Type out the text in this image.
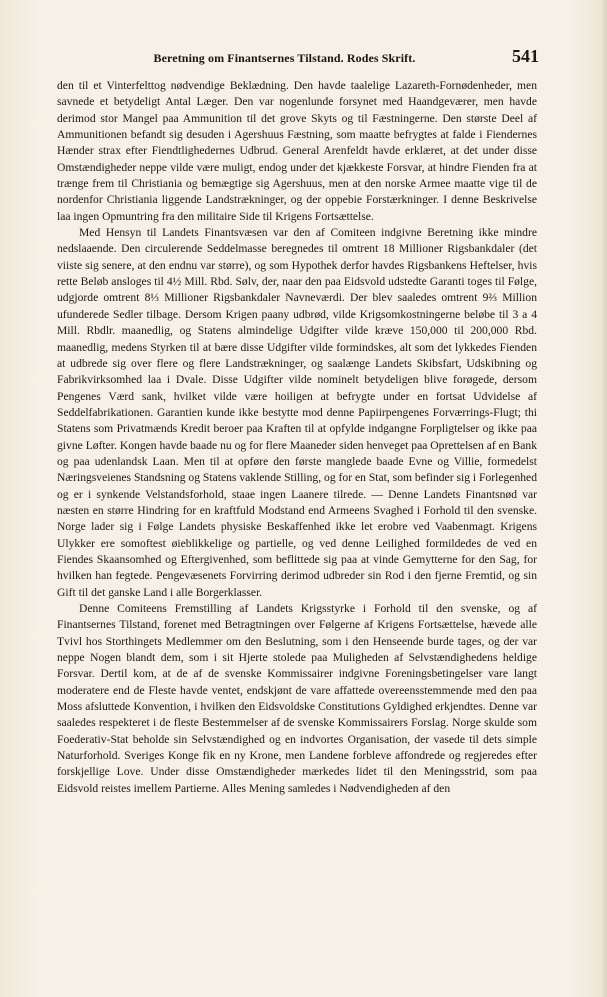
Beretning om Finantsernes Tilstand. Rodes Skrift.	541

den til et Vinterfelttog nødvendige Beklædning. Den havde taalelige Lazareth-Fornødenheder, men savnede et betydeligt Antal Læger. Den var nogenlunde forsynet med Haandgeværer, men havde derimod stor Mangel paa Ammunition til det grove Skyts og til Fæstningerne. Den største Deel af Ammunitionen befandt sig desuden i Agershuus Fæstning, som maatte befrygtes at falde i Fiendernes Hænder strax efter Fiendtlighedernes Udbrud. General Arenfeldt havde erklæret, at det under disse Omstændigheder neppe vilde være muligt, endog under det kjækkeste Forsvar, at hindre Fienden fra at trænge frem til Christiania og bemægtige sig Agershuus, men at den norske Armee maatte vige til de nordenfor Christiania liggende Landstrækninger, og der oppebie Forstærkninger. I denne Beskrivelse laa ingen Opmuntring fra den militaire Side til Krigens Fortsættelse.

Med Hensyn til Landets Finantsvæsen var den af Comiteen indgivne Beretning ikke mindre nedslaaende. Den circulerende Seddelmasse beregnedes til omtrent 18 Millioner Rigsbankdaler (det viiste sig senere, at den endnu var større), og som Hypothek derfor havdes Rigsbankens Heftelser, hvis rette Beløb ansloges til 4½ Mill. Rbd. Sølv, der, naar den paa Eidsvold udstedte Garanti toges til Følge, udgjorde omtrent 8⅓ Millioner Rigsbankdaler Navneværdi. Der blev saaledes omtrent 9⅔ Million ufunderede Sedler tilbage. Dersom Krigen paany udbrød, vilde Krigsomkostningerne beløbe til 3 a 4 Mill. Rbdlr. maanedlig, og Statens almindelige Udgifter vilde kræve 150,000 til 200,000 Rbd. maanedlig, medens Styrken til at bære disse Udgifter vilde formindskes, alt som det lykkedes Fienden at udbrede sig over flere og flere Landstrækninger, og saalænge Landets Skibsfart, Udskibning og Fabrikvirksomhed laa i Dvale. Disse Udgifter vilde nominelt betydeligen blive forøgede, dersom Pengenes Værd sank, hvilket vilde være hoiligen at befrygte under en fortsat Udvidelse af Seddelfabrikationen. Garantien kunde ikke bestytte mod denne Papiirpengenes Forværrings-Flugt; thi Statens som Privatmænds Kredit beroer paa Kraften til at opfylde indgangne Forpligtelser og ikke paa givne Løfter. Kongen havde baade nu og for flere Maaneder siden henveget paa Oprettelsen af en Bank og paa udenlandsk Laan. Men til at opføre den første manglede baade Evne og Villie, formedelst Næringsveienes Standsning og Statens vaklende Stilling, og for en Stat, som befinder sig i Forlegenhed og er i synkende Velstandsforhold, staae ingen Laanere tilrede. — Denne Landets Finantsnød var næsten en større Hindring for en kraftfuld Modstand end Armeens Svaghed i Forhold til den svenske. Norge lader sig i Følge Landets physiske Beskaffenhed ikke let erobre ved Vaabenmagt. Krigens Ulykker ere somoftest øieblikkelige og partielle, og ved denne Leilighed formildedes de ved en Fiendes Skaansomhed og Eftergivenhed, som beflittede sig paa at vinde Gemytterne for den Sag, for hvilken han fegtede. Pengevæsenets Forvirring derimod udbreder sin Rod i den fjerne Fremtid, og sin Gift til det ganske Land i alle Borgerklasser.

Denne Comiteens Fremstilling af Landets Krigsstyrke i Forhold til den svenske, og af Finantsernes Tilstand, forenet med Betragtningen over Følgerne af Krigens Fortsættelse, hævede alle Tvivl hos Storthingets Medlemmer om den Beslutning, som i den Henseende burde tages, og der var neppe Nogen blandt dem, som i sit Hjerte stolede paa Muligheden af Selvstændighedens heldige Forsvar. Dertil kom, at de af de svenske Kommissairer indgivne Foreningsbetingelser vare langt moderatere end de Fleste havde ventet, endskjønt de vare affattede overeensstemmende med den paa Moss afsluttede Konvention, i hvilken den Eidsvoldske Constitutions Gyldighed erkjendtes. Denne var saaledes respekteret i de fleste Bestemmelser af de svenske Kommissairers Forslag. Norge skulde som Foederativ-Stat beholde sin Selvstændighed og en indvortes Organisation, der vasede til dets simple Naturforhold. Sveriges Konge fik en ny Krone, men Landene forbleve affondrede og regjeredes efter forskjellige Love. Under disse Omstændigheder mærkedes lidet til den Meningsstrid, som paa Eidsvold reistes imellem Partierne. Alles Mening samledes i Nødvendigheden af den
